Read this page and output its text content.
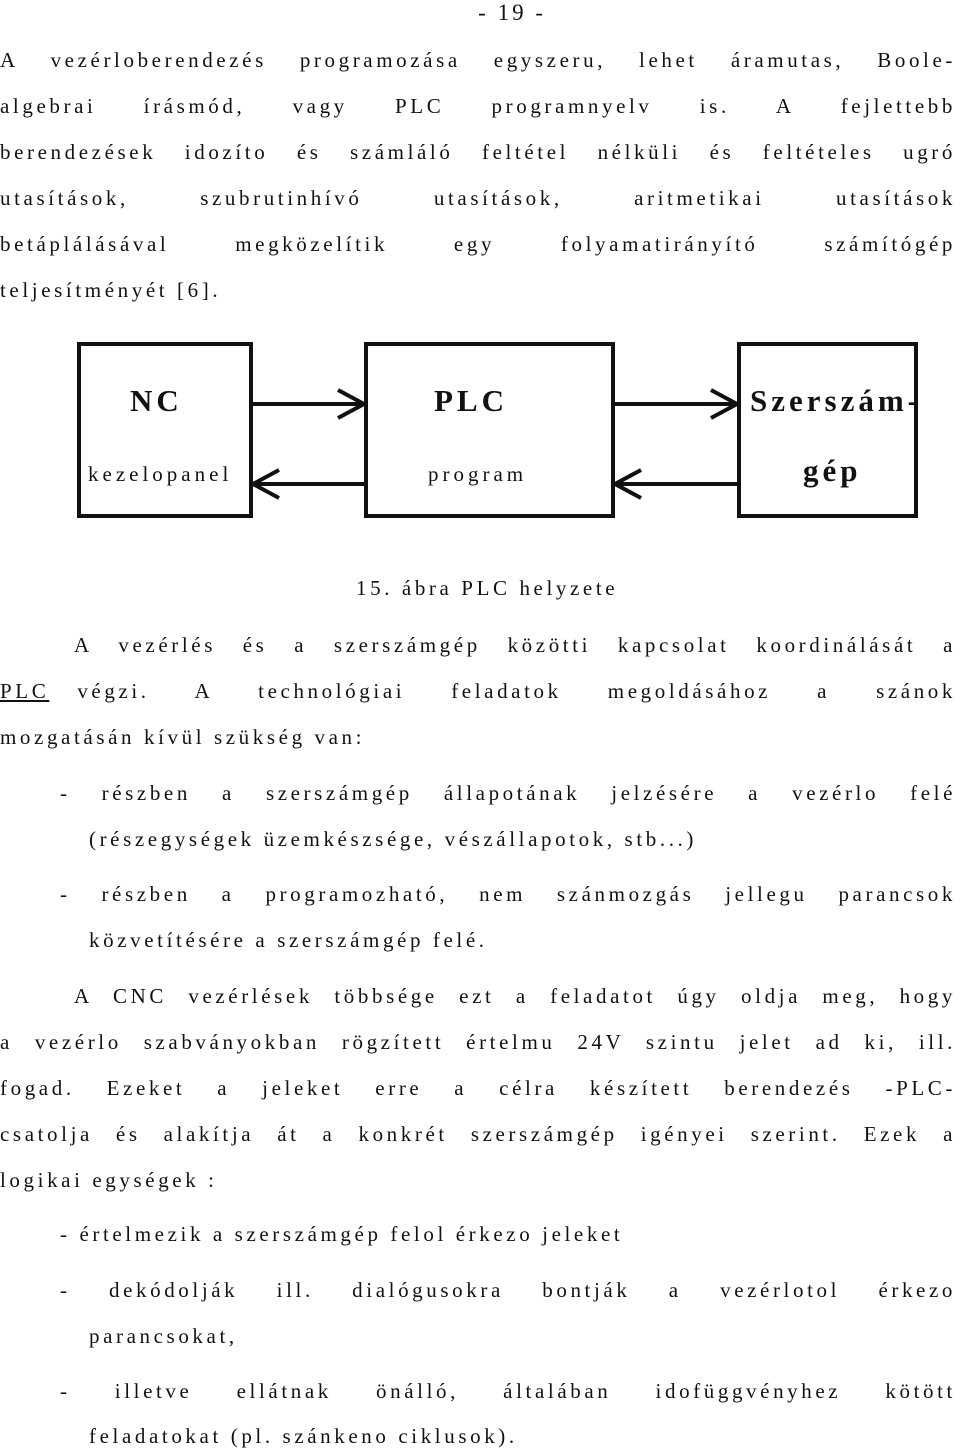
- 19 -
A vezérloberendezés programozása egyszeru, lehet áramutas, Boole-
algebrai írásmód, vagy PLC programnyelv is. A fejlettebb
berendezések idozíto és számláló feltétel nélküli és feltételes ugró
utasítások, szubrutinhívó utasítások, aritmetikai utasítások
betáplálásával megközelítik egy folyamatirányító számítógép
teljesítményét [6].
NC
kezelopanel
PLC
program
Szerszám-
gép
15. ábra PLC helyzete
A vezérlés és a szerszámgép közötti kapcsolat koordinálását a
PLC végzi. A technológiai feladatok megoldásához a szánok
mozgatásán kívül szükség van:
- részben a szerszámgép állapotának jelzésére a vezérlo felé
(részegységek üzemkészsége, vészállapotok, stb...)
- részben a programozható, nem szánmozgás jellegu parancsok
közvetítésére a szerszámgép felé.
A CNC vezérlések többsége ezt a feladatot úgy oldja meg, hogy
a vezérlo szabványokban rögzített értelmu 24V szintu jelet ad ki, ill.
fogad. Ezeket a jeleket erre a célra készített berendezés -PLC-
csatolja és alakítja át a konkrét szerszámgép igényei szerint. Ezek a
logikai egységek :
- értelmezik a szerszámgép felol érkezo jeleket
- dekódolják ill. dialógusokra bontják a vezérlotol érkezo
parancsokat,
- illetve ellátnak önálló, általában idofüggvényhez kötött
feladatokat (pl. szánkeno ciklusok).
